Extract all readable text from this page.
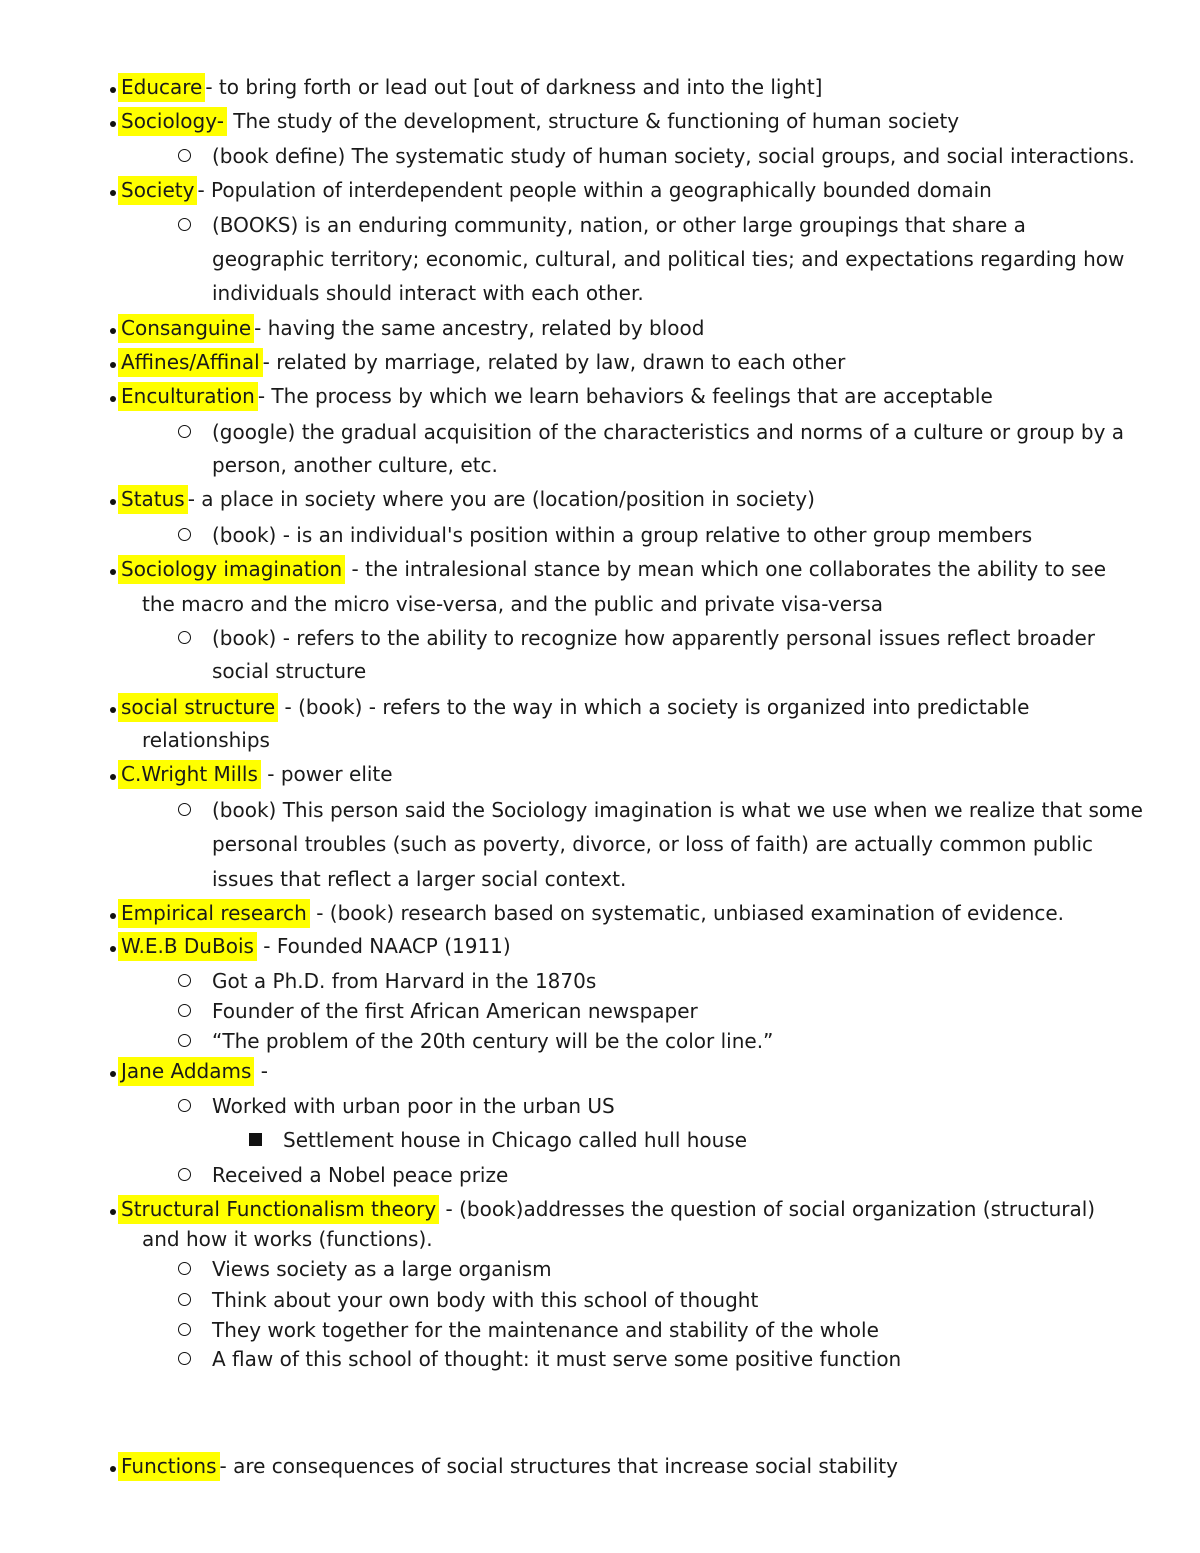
Educare - to bring forth or lead out [out of darkness and into the light]
Sociology- The study of the development, structure & functioning of human society
(book define) The systematic study of human society, social groups, and social interactions.
Society - Population of interdependent people within a geographically bounded domain
(BOOKS) is an enduring community, nation, or other large groupings that share a
geographic territory; economic, cultural, and political ties; and expectations regarding how
individuals should interact with each other.
Consanguine - having the same ancestry, related by blood
Affines/Affinal - related by marriage, related by law, drawn to each other
Enculturation - The process by which we learn behaviors & feelings that are acceptable
(google) the gradual acquisition of the characteristics and norms of a culture or group by a
person, another culture, etc.
Status - a place in society where you are (location/position in society)
(book) - is an individual's position within a group relative to other group members
Sociology imagination - the intralesional stance by mean which one collaborates the ability to see
the macro and the micro vise-versa, and the public and private visa-versa
(book) - refers to the ability to recognize how apparently personal issues reflect broader
social structure
social structure - (book) - refers to the way in which a society is organized into predictable
relationships
C.Wright Mills - power elite
(book) This person said the Sociology imagination is what we use when we realize that some
personal troubles (such as poverty, divorce, or loss of faith) are actually common public
issues that reflect a larger social context.
Empirical research - (book) research based on systematic, unbiased examination of evidence.
W.E.B DuBois - Founded NAACP (1911)
Got a Ph.D. from Harvard in the 1870s
Founder of the first African American newspaper
“The problem of the 20th century will be the color line.”
Jane Addams -
Worked with urban poor in the urban US
Settlement house in Chicago called hull house
Received a Nobel peace prize
Structural Functionalism theory - (book)addresses the question of social organization (structural)
and how it works (functions).
Views society as a large organism
Think about your own body with this school of thought
They work together for the maintenance and stability of the whole
A flaw of this school of thought: it must serve some positive function
Functions - are consequences of social structures that increase social stability
